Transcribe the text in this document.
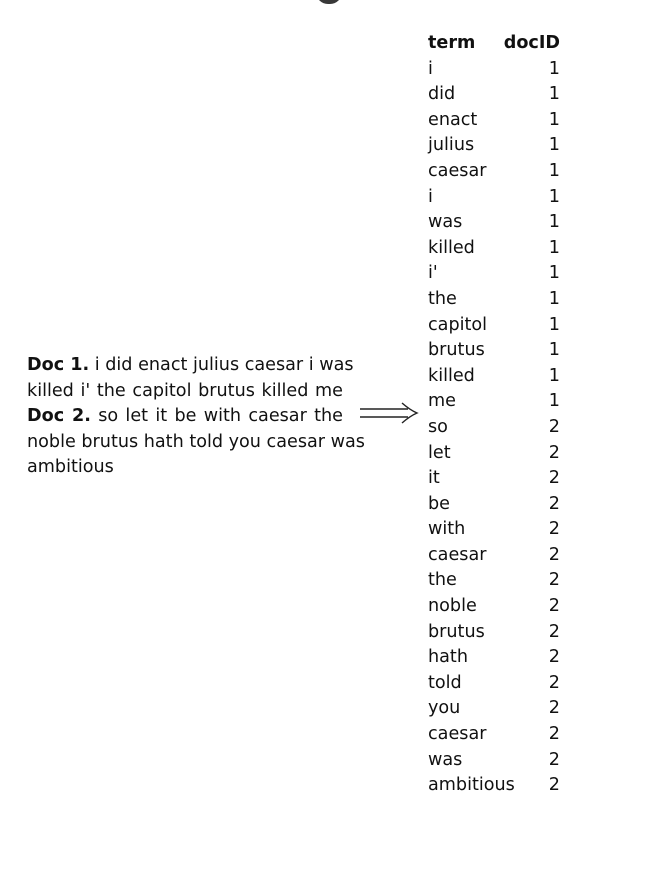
Doc 1. i did enact julius caesar i was
killed i' the capitol brutus killed me
Doc 2. so let it be with caesar the
noble brutus hath told you caesar was
ambitious
term docID
i	1
did	1
enact	1
julius	1
caesar	1
i	1
was	1
killed	1
i'	1
the	1
capitol	1
brutus	1
killed	1
me	1
so	2
let	2
it	2
be	2
with	2
caesar	2
the	2
noble	2
brutus	2
hath	2
told	2
you	2
caesar	2
was	2
ambitious	2
